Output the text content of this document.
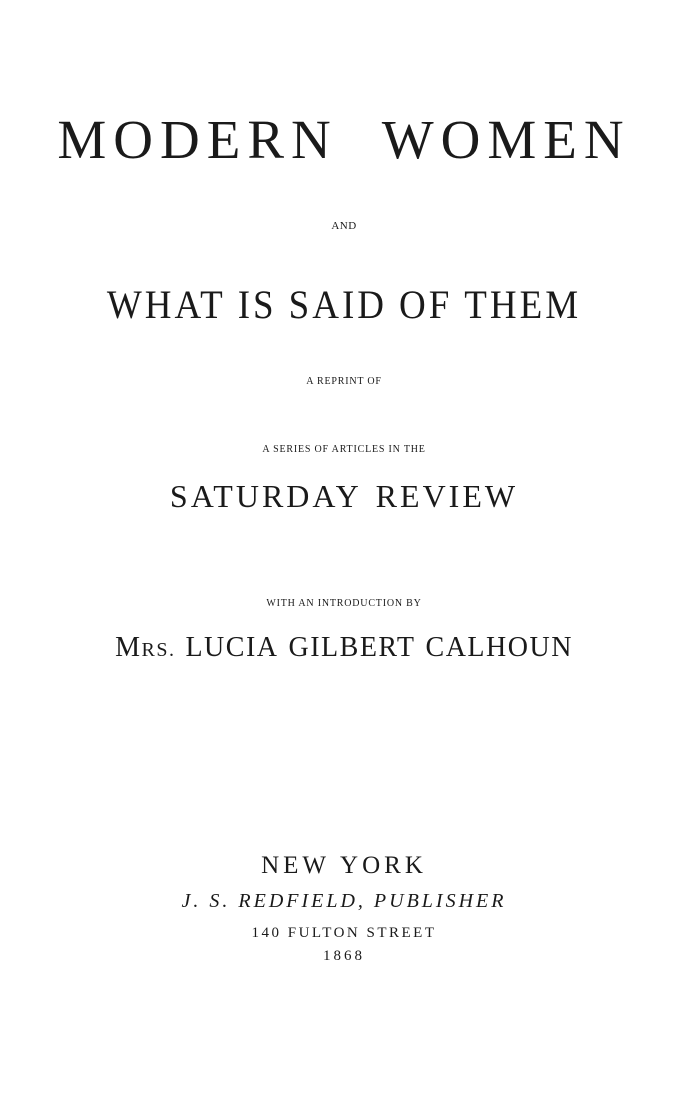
MODERN WOMEN
AND
WHAT IS SAID OF THEM
A REPRINT OF
A SERIES OF ARTICLES IN THE
SATURDAY REVIEW
WITH AN INTRODUCTION BY
MRS. LUCIA GILBERT CALHOUN
NEW YORK
J. S. REDFIELD, PUBLISHER
140 FULTON STREET
1868
